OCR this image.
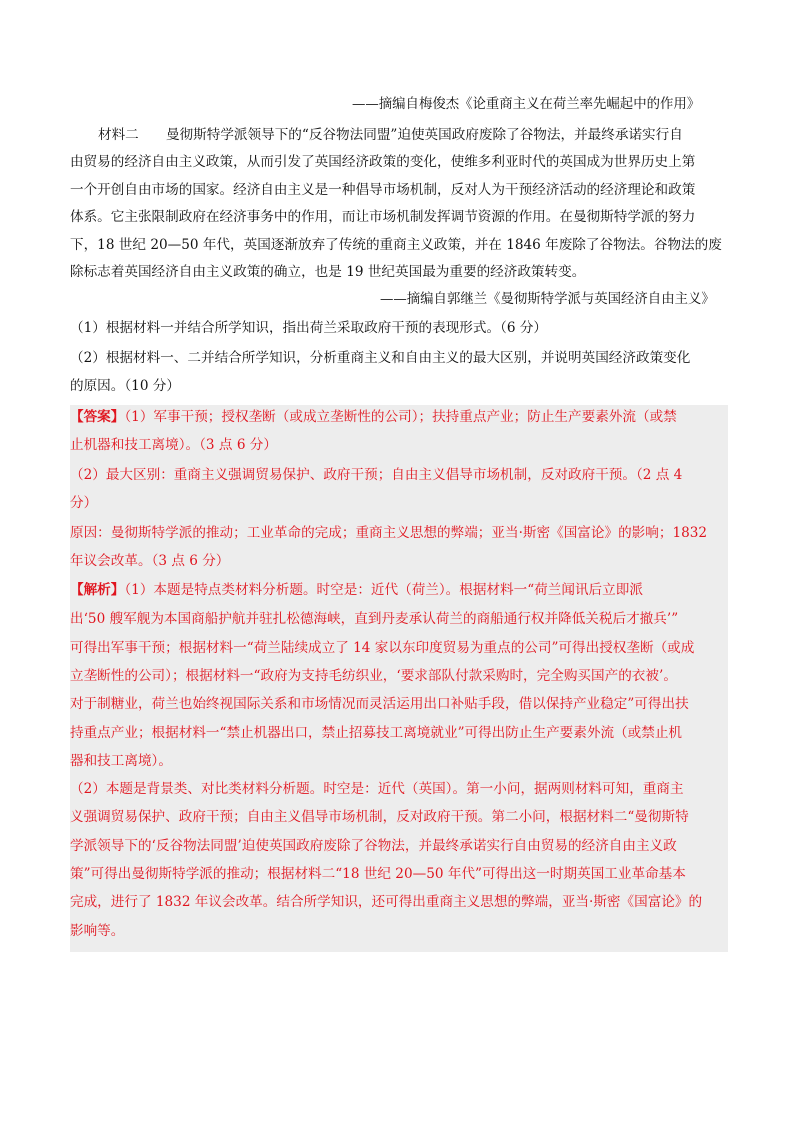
——摘编自梅俊杰《论重商主义在荷兰率先崛起中的作用》
材料二　　曼彻斯特学派领导下的“反谷物法同盟”迫使英国政府废除了谷物法，并最终承诺实行自
由贸易的经济自由主义政策，从而引发了英国经济政策的变化，使维多利亚时代的英国成为世界历史上第
一个开创自由市场的国家。经济自由主义是一种倡导市场机制，反对人为干预经济活动的经济理论和政策
体系。它主张限制政府在经济事务中的作用，而让市场机制发挥调节资源的作用。在曼彻斯特学派的努力
下，18 世纪 20—50 年代，英国逐渐放弃了传统的重商主义政策，并在 1846 年废除了谷物法。谷物法的废
除标志着英国经济自由主义政策的确立，也是 19 世纪英国最为重要的经济政策转变。
——摘编自郭继兰《曼彻斯特学派与英国经济自由主义》
（1）根据材料一并结合所学知识，指出荷兰采取政府干预的表现形式。（6 分）
（2）根据材料一、二并结合所学知识，分析重商主义和自由主义的最大区别，并说明英国经济政策变化
的原因。（10 分）
【答案】（1）军事干预；授权垄断（或成立垄断性的公司）；扶持重点产业；防止生产要素外流（或禁
止机器和技工离境）。（3 点 6 分）
（2）最大区别：重商主义强调贸易保护、政府干预；自由主义倡导市场机制，反对政府干预。（2 点 4
分）
原因：曼彻斯特学派的推动；工业革命的完成；重商主义思想的弊端；亚当·斯密《国富论》的影响；1832
年议会改革。（3 点 6 分）
【解析】（1）本题是特点类材料分析题。时空是：近代（荷兰）。根据材料一“荷兰闻讯后立即派
出‘50 艘军舰为本国商船护航并驻扎松德海峡，直到丹麦承认荷兰的商船通行权并降低关税后才撤兵’”
可得出军事干预；根据材料一“荷兰陆续成立了 14 家以东印度贸易为重点的公司”可得出授权垄断（或成
立垄断性的公司）；根据材料一“政府为支持毛纺织业，‘要求部队付款采购时，完全购买国产的衣被’。
对于制糖业，荷兰也始终视国际关系和市场情况而灵活运用出口补贴手段，借以保持产业稳定”可得出扶
持重点产业；根据材料一“禁止机器出口，禁止招募技工离境就业”可得出防止生产要素外流（或禁止机
器和技工离境）。
（2）本题是背景类、对比类材料分析题。时空是：近代（英国）。第一小问，据两则材料可知，重商主
义强调贸易保护、政府干预；自由主义倡导市场机制，反对政府干预。第二小问，根据材料二“曼彻斯特
学派领导下的‘反谷物法同盟’迫使英国政府废除了谷物法，并最终承诺实行自由贸易的经济自由主义政
策”可得出曼彻斯特学派的推动；根据材料二“18 世纪 20—50 年代”可得出这一时期英国工业革命基本
完成，进行了 1832 年议会改革。结合所学知识，还可得出重商主义思想的弊端，亚当·斯密《国富论》的
影响等。
